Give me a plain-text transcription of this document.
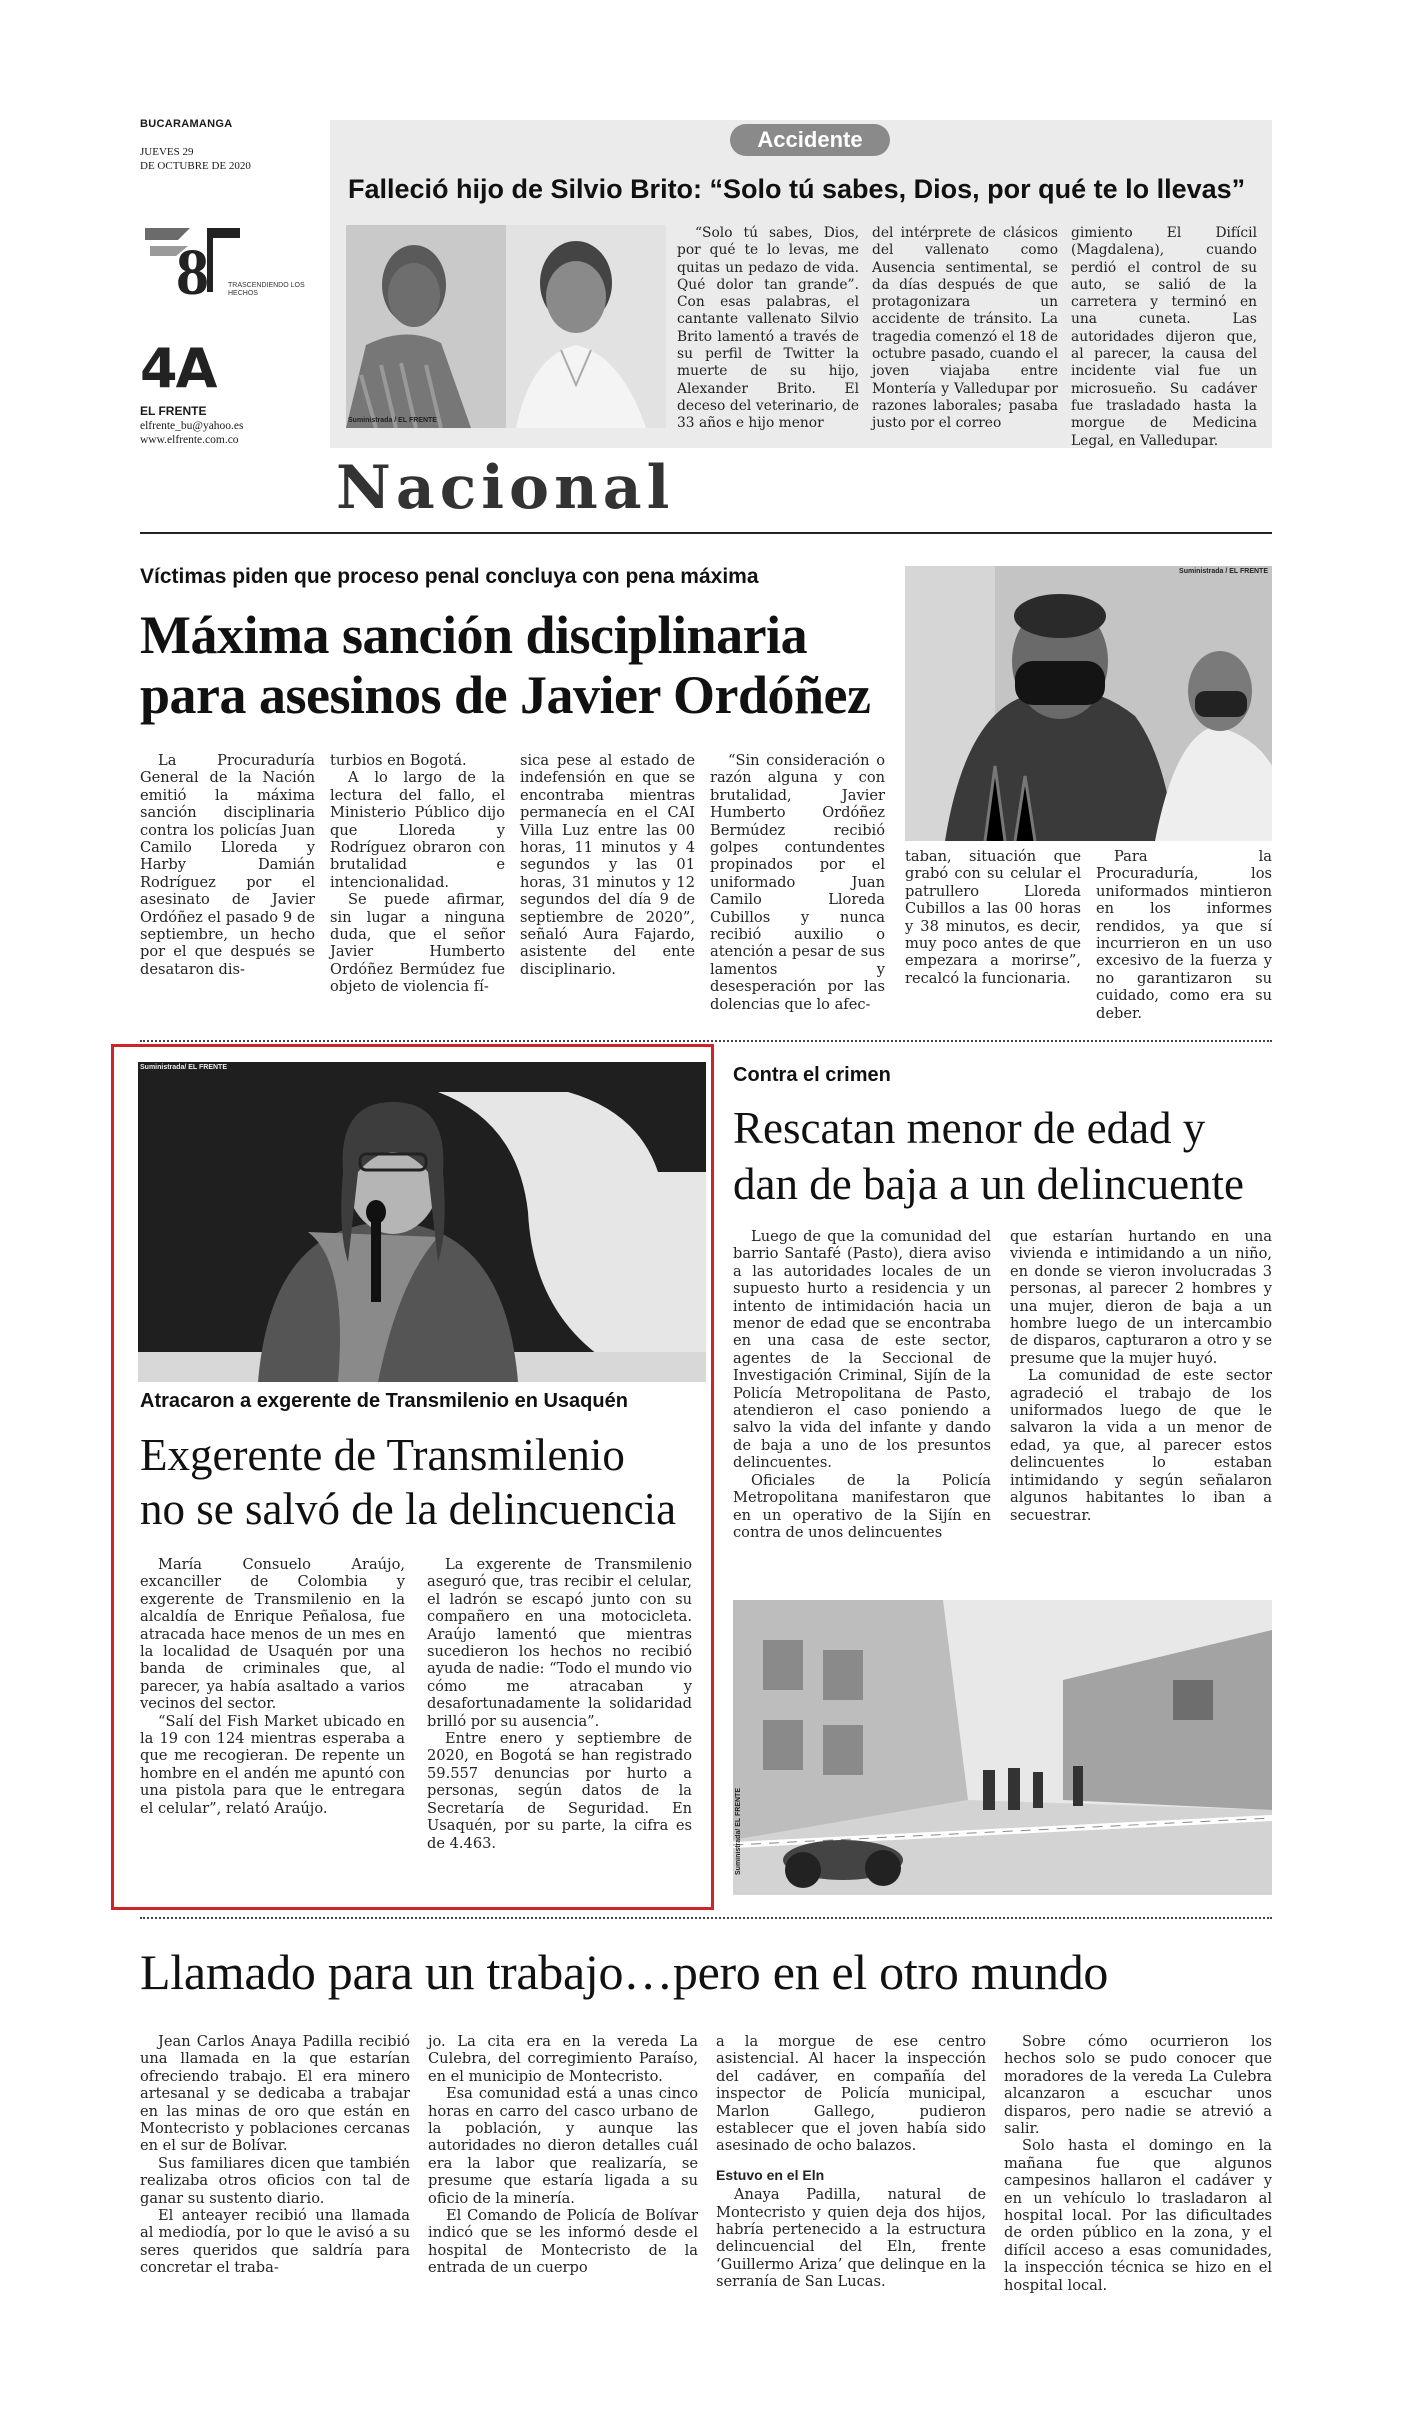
BUCARAMANGA
JUEVES 29
DE OCTUBRE DE 2020
8	TRASCENDIENDO LOS HECHOS
4A
EL FRENTE
elfrente_bu@yahoo.es
www.elfrente.com.co
Accidente
Falleció hijo de Silvio Brito: “Solo tú sabes, Dios, por qué te lo llevas”
Suministrada / EL FRENTE

“Solo tú sabes, Dios, por qué te lo levas, me quitas un pedazo de vida. Qué dolor tan grande”. Con esas palabras, el cantante vallenato Silvio Brito lamentó a través de su perfil de Twitter la muerte de su hijo, Alexander Brito. El deceso del veterinario, de 33 años e hijo menor

del intérprete de clásicos del vallenato como Ausencia sentimental, se da días después de que protagonizara un accidente de tránsito. La tragedia comenzó el 18 de octubre pasado, cuando el joven viajaba entre Montería y Valledupar por razones laborales; pasaba justo por el correo

gimiento El Difícil (Magdalena), cuando perdió el control de su auto, se salió de la carretera y terminó en una cuneta. Las autoridades dijeron que, al parecer, la causa del incidente vial fue un microsueño. Su cadáver fue trasladado hasta la morgue de Medicina Legal, en Valledupar.

Nacional
Víctimas piden que proceso penal concluya con pena máxima
Máxima sanción disciplinaria
para asesinos de Javier Ordóñez
Suministrada / EL FRENTE

La Procuraduría General de la Nación emitió la máxima sanción disciplinaria contra los policías Juan Camilo Lloreda y Harby Damián Rodríguez por el asesinato de Javier Ordóñez el pasado 9 de septiembre, un hecho por el que después se desataron dis-

turbios en Bogotá.

A lo largo de la lectura del fallo, el Ministerio Público dijo que Lloreda y Rodríguez obraron con brutalidad e intencionalidad.

Se puede afirmar, sin lugar a ninguna duda, que el señor Javier Humberto Ordóñez Bermúdez fue objeto de violencia fí-

sica pese al estado de indefensión en que se encontraba mientras permanecía en el CAI Villa Luz entre las 00 horas, 11 minutos y 4 segundos y las 01 horas, 31 minutos y 12 segundos del día 9 de septiembre de 2020”, señaló Aura Fajardo, asistente del ente disciplinario.

“Sin consideración o razón alguna y con brutalidad, Javier Humberto Ordóñez Bermúdez recibió golpes contundentes propinados por el uniformado Juan Camilo Lloreda Cubillos y nunca recibió auxilio o atención a pesar de sus lamentos y desesperación por las dolencias que lo afec-

taban, situación que grabó con su celular el patrullero Lloreda Cubillos a las 00 horas y 38 minutos, es decir, muy poco antes de que empezara a morirse”, recalcó la funcionaria.

Para la Procuraduría, los uniformados mintieron en los informes rendidos, ya que sí incurrieron en un uso excesivo de la fuerza y no garantizaron su cuidado, como era su deber.

Suministrada/ EL FRENTE
Atracaron a exgerente de Transmilenio en Usaquén
Exgerente de Transmilenio
no se salvó de la delincuencia

María Consuelo Araújo, excanciller de Colombia y exgerente de Transmilenio en la alcaldía de Enrique Peñalosa, fue atracada hace menos de un mes en la localidad de Usaquén por una banda de criminales que, al parecer, ya había asaltado a varios vecinos del sector.

“Salí del Fish Market ubicado en la 19 con 124 mientras esperaba a que me recogieran. De repente un hombre en el andén me apuntó con una pistola para que le entregara el celular”, relató Araújo.

La exgerente de Transmilenio aseguró que, tras recibir el celular, el ladrón se escapó junto con su compañero en una motocicleta. Araújo lamentó que mientras sucedieron los hechos no recibió ayuda de nadie: “Todo el mundo vio cómo me atracaban y desafortunadamente la solidaridad brilló por su ausencia”.

Entre enero y septiembre de 2020, en Bogotá se han registrado 59.557 denuncias por hurto a personas, según datos de la Secretaría de Seguridad. En Usaquén, por su parte, la cifra es de 4.463.

Contra el crimen
Rescatan menor de edad y
dan de baja a un delincuente

Luego de que la comunidad del barrio Santafé (Pasto), diera aviso a las autoridades locales de un supuesto hurto a residencia y un intento de intimidación hacia un menor de edad que se encontraba en una casa de este sector, agentes de la Seccional de Investigación Criminal, Sijín de la Policía Metropolitana de Pasto, atendieron el caso poniendo a salvo la vida del infante y dando de baja a uno de los presuntos delincuentes.

Oficiales de la Policía Metropolitana manifestaron que en un operativo de la Sijín en contra de unos delincuentes

que estarían hurtando en una vivienda e intimidando a un niño, en donde se vieron involucradas 3 personas, al parecer 2 hombres y una mujer, dieron de baja a un hombre luego de un intercambio de disparos, capturaron a otro y se presume que la mujer huyó.

La comunidad de este sector agradeció el trabajo de los uniformados luego de que le salvaron la vida a un menor de edad, ya que, al parecer estos delincuentes lo estaban intimidando y según señalaron algunos habitantes lo iban a secuestrar.

Suministrada/ EL FRENTE
Llamado para un trabajo…pero en el otro mundo

Jean Carlos Anaya Padilla recibió una llamada en la que estarían ofreciendo trabajo. El era minero artesanal y se dedicaba a trabajar en las minas de oro que están en Montecristo y poblaciones cercanas en el sur de Bolívar.

Sus familiares dicen que también realizaba otros oficios con tal de ganar su sustento diario.

El anteayer recibió una llamada al mediodía, por lo que le avisó a su seres queridos que saldría para concretar el traba-

jo. La cita era en la vereda La Culebra, del corregimiento Paraíso, en el municipio de Montecristo.

Esa comunidad está a unas cinco horas en carro del casco urbano de la población, y aunque las autoridades no dieron detalles cuál era la labor que realizaría, se presume que estaría ligada a su oficio de la minería.

El Comando de Policía de Bolívar indicó que se les informó desde el hospital de Montecristo de la entrada de un cuerpo

a la morgue de ese centro asistencial. Al hacer la inspección del cadáver, en compañía del inspector de Policía municipal, Marlon Gallego, pudieron establecer que el joven había sido asesinado de ocho balazos.

Estuvo en el Eln

Anaya Padilla, natural de Montecristo y quien deja dos hijos, habría pertenecido a la estructura delincuencial del Eln, frente ‘Guillermo Ariza’ que delinque en la serranía de San Lucas.

Sobre cómo ocurrieron los hechos solo se pudo conocer que moradores de la vereda La Culebra alcanzaron a escuchar unos disparos, pero nadie se atrevió a salir.

Solo hasta el domingo en la mañana fue que algunos campesinos hallaron el cadáver y en un vehículo lo trasladaron al hospital local. Por las dificultades de orden público en la zona, y el difícil acceso a esas comunidades, la inspección técnica se hizo en el hospital local.
